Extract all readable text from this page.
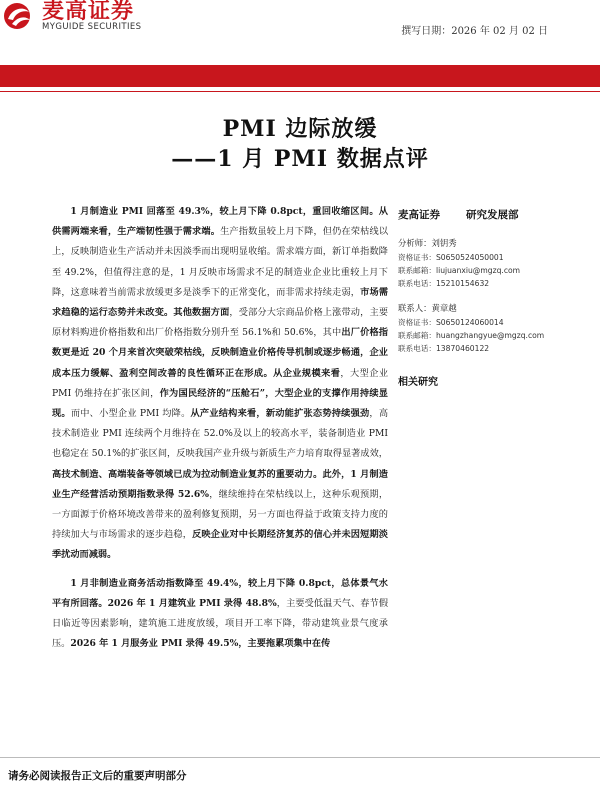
麦高证券
MYGUIDE SECURITIES	撰写日期：2026 年 02 月 02 日
PMI 边际放缓
——1 月 PMI 数据点评

1 月制造业 PMI 回落至 49.3%，较上月下降 0.8pct，重回收缩区间。从供需两端来看，生产端韧性强于需求端。生产指数虽较上月下降，但仍在荣枯线以上，反映制造业生产活动并未因淡季而出现明显收缩。需求端方面，新订单指数降至 49.2%，但值得注意的是，1 月反映市场需求不足的制造业企业比重较上月下降，这意味着当前需求放缓更多是淡季下的正常变化，而非需求持续走弱，市场需求趋稳的运行态势并未改变。其他数据方面，受部分大宗商品价格上涨带动，主要原材料购进价格指数和出厂价格指数分别升至 56.1%和 50.6%，其中出厂价格指数更是近 20 个月来首次突破荣枯线，反映制造业价格传导机制或逐步畅通，企业成本压力缓解、盈利空间改善的良性循环正在形成。从企业规模来看，大型企业 PMI 仍维持在扩张区间，作为国民经济的“压舱石”，大型企业的支撑作用持续显现。而中、小型企业 PMI 均降。从产业结构来看，新动能扩张态势持续强劲，高技术制造业 PMI 连续两个月维持在 52.0%及以上的较高水平，装备制造业 PMI 也稳定在 50.1%的扩张区间，反映我国产业升级与新质生产力培育取得显著成效，高技术制造、高端装备等领域已成为拉动制造业复苏的重要动力。此外，1 月制造业生产经营活动预期指数录得 52.6%，继续维持在荣枯线以上，这种乐观预期，一方面源于价格环境改善带来的盈利修复预期，另一方面也得益于政策支持力度的持续加大与市场需求的逐步趋稳，反映企业对中长期经济复苏的信心并未因短期淡季扰动而减弱。

1 月非制造业商务活动指数降至 49.4%，较上月下降 0.8pct，总体景气水平有所回落。2026 年 1 月建筑业 PMI 录得 48.8%，主要受低温天气、春节假日临近等因素影响，建筑施工进度放缓，项目开工率下降，带动建筑业景气度承压。2026 年 1 月服务业 PMI 录得 49.5%，主要拖累项集中在传

麦高证券 研究发展部
分析师：刘钥秀
资格证书：S0650524050001
联系邮箱：liujuanxiu@mgzq.com
联系电话：15210154632
联系人：黄章越
资格证书：S0650124060014
联系邮箱：huangzhangyue@mgzq.com
联系电话：13870460122
相关研究
请务必阅读报告正文后的重要声明部分
